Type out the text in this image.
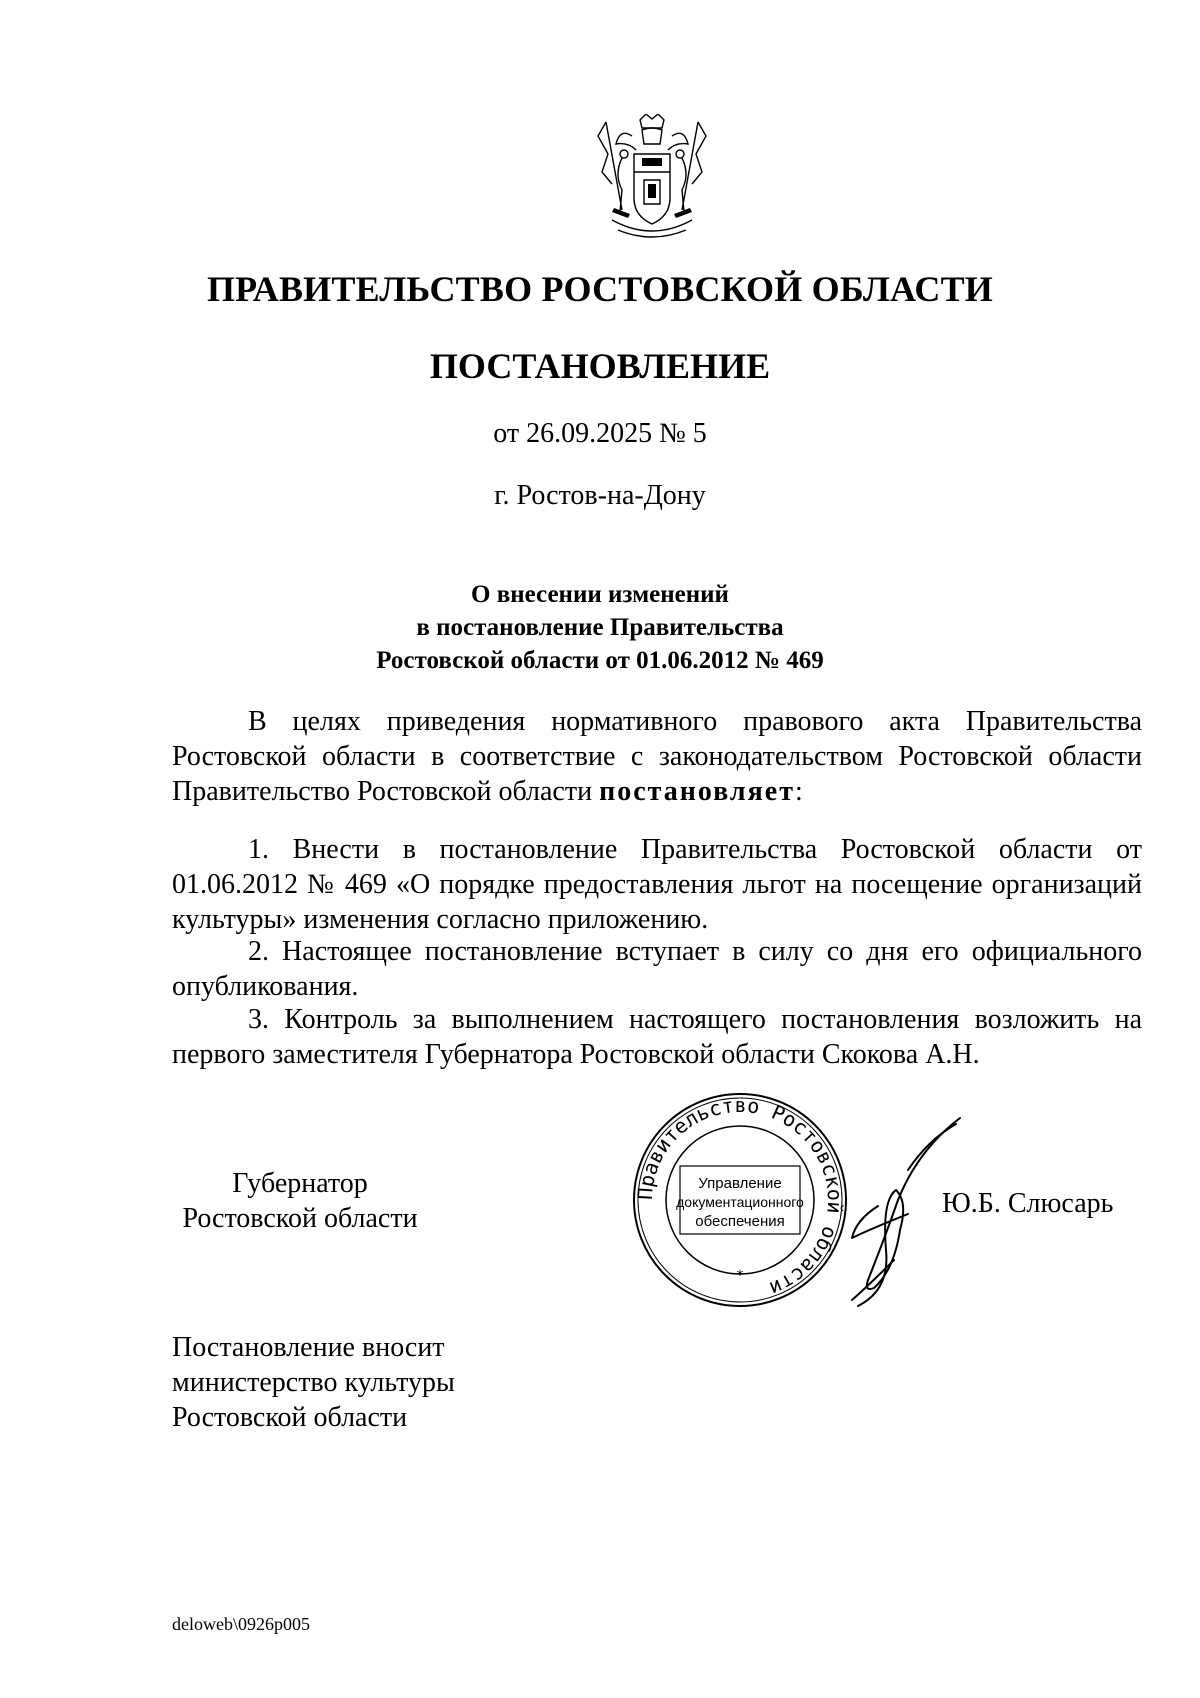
ПРАВИТЕЛЬСТВО РОСТОВСКОЙ ОБЛАСТИ
ПОСТАНОВЛЕНИЕ
от 26.09.2025 № 5
г. Ростов-на-Дону
О внесении изменений
в постановление Правительства
Ростовской области от 01.06.2012 № 469
В целях приведения нормативного правового акта Правительства Ростовской области в соответствие с законодательством Ростовской области Правительство Ростовской области постановляет:
1. Внести в постановление Правительства Ростовской области от 01.06.2012 № 469 «О порядке предоставления льгот на посещение организаций культуры» изменения согласно приложению.
2. Настоящее постановление вступает в силу со дня его официального опубликования.
3. Контроль за выполнением настоящего постановления возложить на первого заместителя Губернатора Ростовской области Скокова А.Н.
Губернатор
Ростовской области
Правительство Ростовской области
Управление
документационного
обеспечения
*
Ю.Б. Слюсарь
Постановление вносит
министерство культуры
Ростовской области
deloweb\0926p005
